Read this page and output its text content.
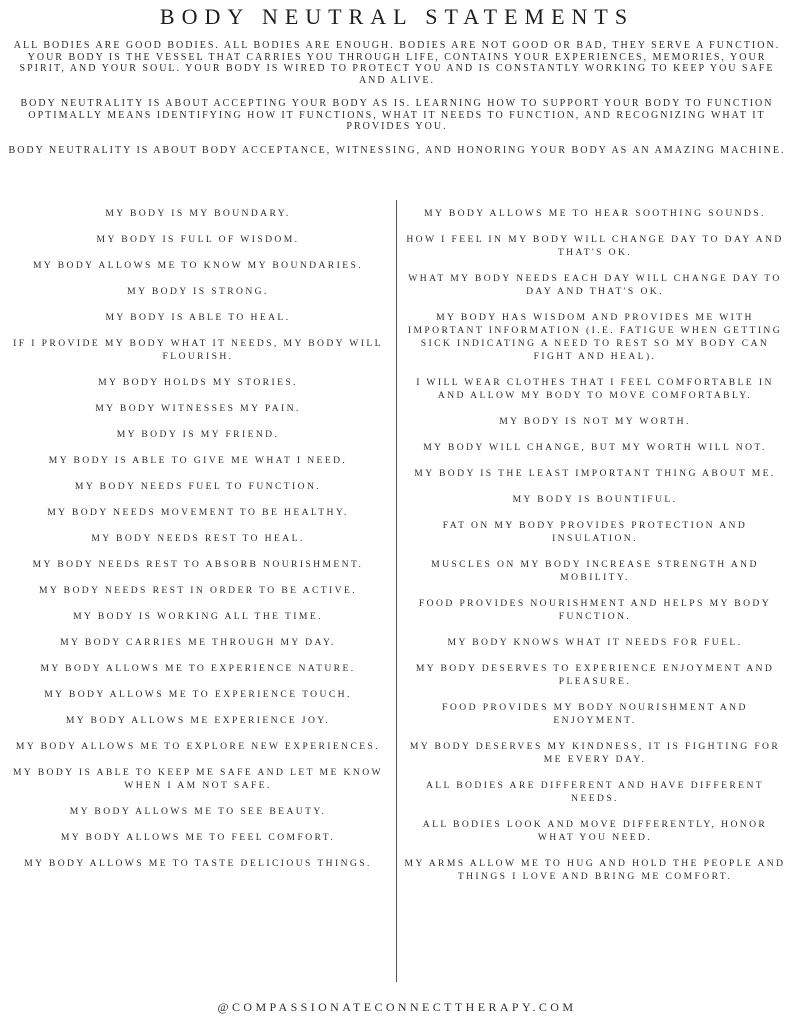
BODY NEUTRAL STATEMENTS

ALL BODIES ARE GOOD BODIES. ALL BODIES ARE ENOUGH. BODIES ARE NOT GOOD OR BAD, THEY SERVE A FUNCTION. YOUR BODY IS THE VESSEL THAT CARRIES YOU THROUGH LIFE, CONTAINS YOUR EXPERIENCES, MEMORIES, YOUR SPIRIT, AND YOUR SOUL. YOUR BODY IS WIRED TO PROTECT YOU AND IS CONSTANTLY WORKING TO KEEP YOU SAFE AND ALIVE.

BODY NEUTRALITY IS ABOUT ACCEPTING YOUR BODY AS IS. LEARNING HOW TO SUPPORT YOUR BODY TO FUNCTION OPTIMALLY MEANS IDENTIFYING HOW IT FUNCTIONS, WHAT IT NEEDS TO FUNCTION, AND RECOGNIZING WHAT IT PROVIDES YOU.

BODY NEUTRALITY IS ABOUT BODY ACCEPTANCE, WITNESSING, AND HONORING YOUR BODY AS AN AMAZING MACHINE.

MY BODY IS MY BOUNDARY.

MY BODY IS FULL OF WISDOM.

MY BODY ALLOWS ME TO KNOW MY BOUNDARIES.

MY BODY IS STRONG.

MY BODY IS ABLE TO HEAL.

IF I PROVIDE MY BODY WHAT IT NEEDS, MY BODY WILL FLOURISH.

MY BODY HOLDS MY STORIES.

MY BODY WITNESSES MY PAIN.

MY BODY IS MY FRIEND.

MY BODY IS ABLE TO GIVE ME WHAT I NEED.

MY BODY NEEDS FUEL TO FUNCTION.

MY BODY NEEDS MOVEMENT TO BE HEALTHY.

MY BODY NEEDS REST TO HEAL.

MY BODY NEEDS REST TO ABSORB NOURISHMENT.

MY BODY NEEDS REST IN ORDER TO BE ACTIVE.

MY BODY IS WORKING ALL THE TIME.

MY BODY CARRIES ME THROUGH MY DAY.

MY BODY ALLOWS ME TO EXPERIENCE NATURE.

MY BODY ALLOWS ME TO EXPERIENCE TOUCH.

MY BODY ALLOWS ME EXPERIENCE JOY.

MY BODY ALLOWS ME TO EXPLORE NEW EXPERIENCES.

MY BODY IS ABLE TO KEEP ME SAFE AND LET ME KNOW WHEN I AM NOT SAFE.

MY BODY ALLOWS ME TO SEE BEAUTY.

MY BODY ALLOWS ME TO FEEL COMFORT.

MY BODY ALLOWS ME TO TASTE DELICIOUS THINGS.

MY BODY ALLOWS ME TO HEAR SOOTHING SOUNDS.

HOW I FEEL IN MY BODY WILL CHANGE DAY TO DAY AND THAT'S OK.

WHAT MY BODY NEEDS EACH DAY WILL CHANGE DAY TO DAY AND THAT'S OK.

MY BODY HAS WISDOM AND PROVIDES ME WITH IMPORTANT INFORMATION (I.E. FATIGUE WHEN GETTING SICK INDICATING A NEED TO REST SO MY BODY CAN FIGHT AND HEAL).

I WILL WEAR CLOTHES THAT I FEEL COMFORTABLE IN AND ALLOW MY BODY TO MOVE COMFORTABLY.

MY BODY IS NOT MY WORTH.

MY BODY WILL CHANGE, BUT MY WORTH WILL NOT.

MY BODY IS THE LEAST IMPORTANT THING ABOUT ME.

MY BODY IS BOUNTIFUL.

FAT ON MY BODY PROVIDES PROTECTION AND INSULATION.

MUSCLES ON MY BODY INCREASE STRENGTH AND MOBILITY.

FOOD PROVIDES NOURISHMENT AND HELPS MY BODY FUNCTION.

MY BODY KNOWS WHAT IT NEEDS FOR FUEL.

MY BODY DESERVES TO EXPERIENCE ENJOYMENT AND PLEASURE.

FOOD PROVIDES MY BODY NOURISHMENT AND ENJOYMENT.

MY BODY DESERVES MY KINDNESS, IT IS FIGHTING FOR ME EVERY DAY.

ALL BODIES ARE DIFFERENT AND HAVE DIFFERENT NEEDS.

ALL BODIES LOOK AND MOVE DIFFERENTLY, HONOR WHAT YOU NEED.

MY ARMS ALLOW ME TO HUG AND HOLD THE PEOPLE AND THINGS I LOVE AND BRING ME COMFORT.

@COMPASSIONATECONNECTTHERAPY.COM
